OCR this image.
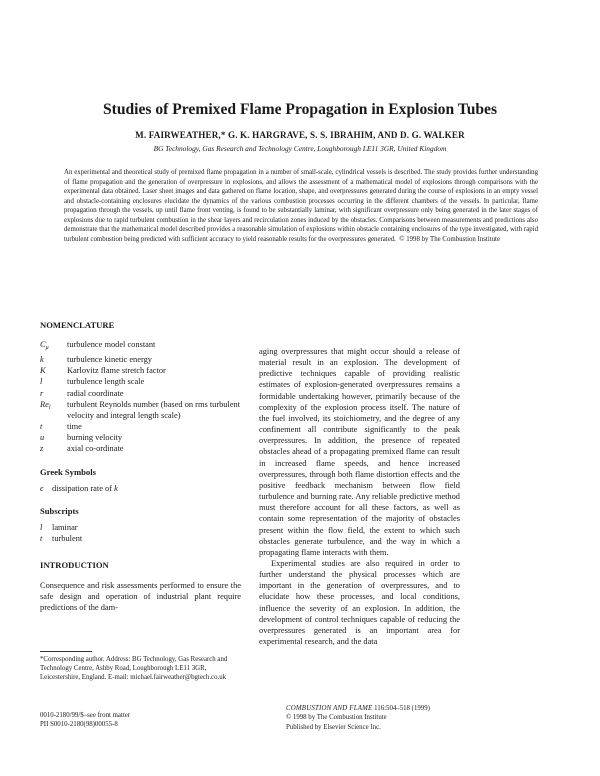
Studies of Premixed Flame Propagation in Explosion Tubes
M. FAIRWEATHER,* G. K. HARGRAVE, S. S. IBRAHIM, AND D. G. WALKER
BG Technology, Gas Research and Technology Centre, Loughborough LE11 3GR, United Kingdom
An experimental and theoretical study of premixed flame propagation in a number of small-scale, cylindrical vessels is described. The study provides further understanding of flame propagation and the generation of overpressure in explosions, and allows the assessment of a mathematical model of explosions through comparisons with the experimental data obtained. Laser sheet images and data gathered on flame location, shape, and overpressures generated during the course of explosions in an empty vessel and obstacle-containing enclosures elucidate the dynamics of the various combustion processes occurring in the different chambers of the vessels. In particular, flame propagation through the vessels, up until flame front venting, is found to be substantially laminar, with significant overpressure only being generated in the later stages of explosions due to rapid turbulent combustion in the shear layers and recirculation zones induced by the obstacles. Comparisons between measurements and predictions also demonstrate that the mathematical model described provides a reasonable simulation of explosions within obstacle containing enclosures of the type investigated, with rapid turbulent combustion being predicted with sufficient accuracy to yield reasonable results for the overpressures generated. © 1998 by The Combustion Institute

NOMENCLATURE

$C_\mu$	turbulence model constant
k	turbulence kinetic energy
K	Karlovitz flame stretch factor
l	turbulence length scale
r	radial coordinate
$Re_l$	turbulent Reynolds number (based on rms turbulent velocity and integral length scale)
t	time
u	burning velocity
z	axial co-ordinate

Greek Symbols

ϵ	dissipation rate of k

Subscripts

l	laminar
t	turbulent

INTRODUCTION

Consequence and risk assessments performed to ensure the safe design and operation of industrial plant require predictions of the dam-

aging overpressures that might occur should a release of material result in an explosion. The development of predictive techniques capable of providing realistic estimates of explosion-generated overpressures remains a formidable undertaking however, primarily because of the complexity of the explosion process itself. The nature of the fuel involved, its stoichiometry, and the degree of any confinement all contribute significantly to the peak overpressures. In addition, the presence of repeated obstacles ahead of a propagating premixed flame can result in increased flame speeds, and hence increased overpressures, through both flame distortion effects and the positive feedback mechanism between flow field turbulence and burning rate. Any reliable predictive method must therefore account for all these factors, as well as contain some representation of the majority of obstacles present within the flow field, the extent to which such obstacles generate turbulence, and the way in which a propagating flame interacts with them.

Experimental studies are also required in order to further understand the physical processes which are important in the generation of overpressures, and to elucidate how these processes, and local conditions, influence the severity of an explosion. In addition, the development of control techniques capable of reducing the overpressures generated is an important area for experimental research, and the data

*Corresponding author. Address: BG Technology, Gas Research and Technology Centre, Ashby Road, Loughborough LE11 3GR, Leicestershire, England. E-mail: michael.fairweather@bgtech.co.uk
0010-2180/99/$–see front matter
PII S0010-2180(98)00055-8
COMBUSTION AND FLAME 116:504–518 (1999)
© 1998 by The Combustion Institute
Published by Elsevier Science Inc.
